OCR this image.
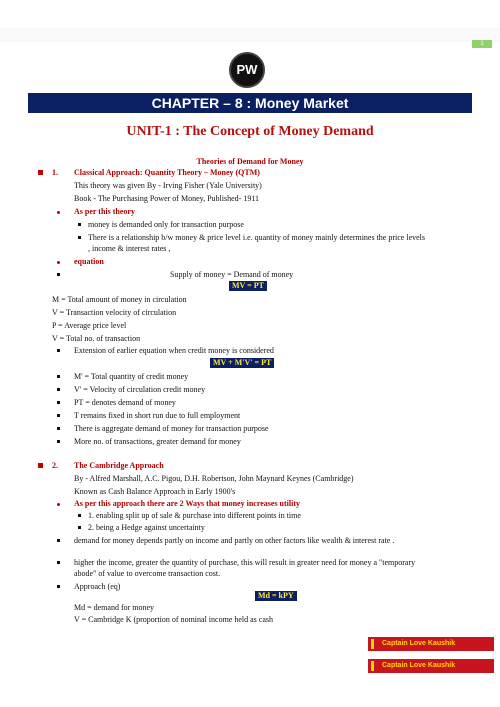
1
PW
CHAPTER – 8 : Money Market
UNIT-1 : The Concept of Money Demand
Theories of Demand for Money
1. Classical Approach: Quantity Theory – Money (QTM)
This theory was given By - Irving Fisher (Yale University)
Book - The Purchasing Power of Money, Published- 1911
As per this theory
money is demanded only for transaction purpose
There is a relationship b/w money & price level i.e. quantity of money mainly determines the price levels
, income & interest rates ,
equation
Supply of money = Demand of money
MV = PT
M = Total amount of money in circulation
V = Transaction velocity of circulation
P = Average price level
V = Total no. of transaction
Extension of earlier equation when credit money is considered
MV + M'V' = PT
M' = Total quantity of credit money
V' = Velocity of circulation credit money
PT = denotes demand of money
T remains fixed in short run due to full employment
There is aggregate demand of money for transaction purpose
More no. of transactions, greater demand for money
2. The Cambridge Approach
By - Alfred Marshall, A.C. Pigou, D.H. Robertson, John Maynard Keynes (Cambridge)
Known as Cash Balance Approach in Early 1900's
As per this approach there are 2 Ways that money increases utility
1. enabling split up of sale & purchase into different points in time
2. being a Hedge against uncertainty
demand for money depends partly on income and partly on other factors like wealth & interest rate .
higher the income, greater the quantity of purchase, this will result in greater need for money a "temporary
abode" of value to overcome transaction cost.
Approach (eq)
Md = kPY
Md = demand for money
V = Cambridge K (proportion of nominal income held as cash
Captain Love Kaushik
Captain Love Kaushik
